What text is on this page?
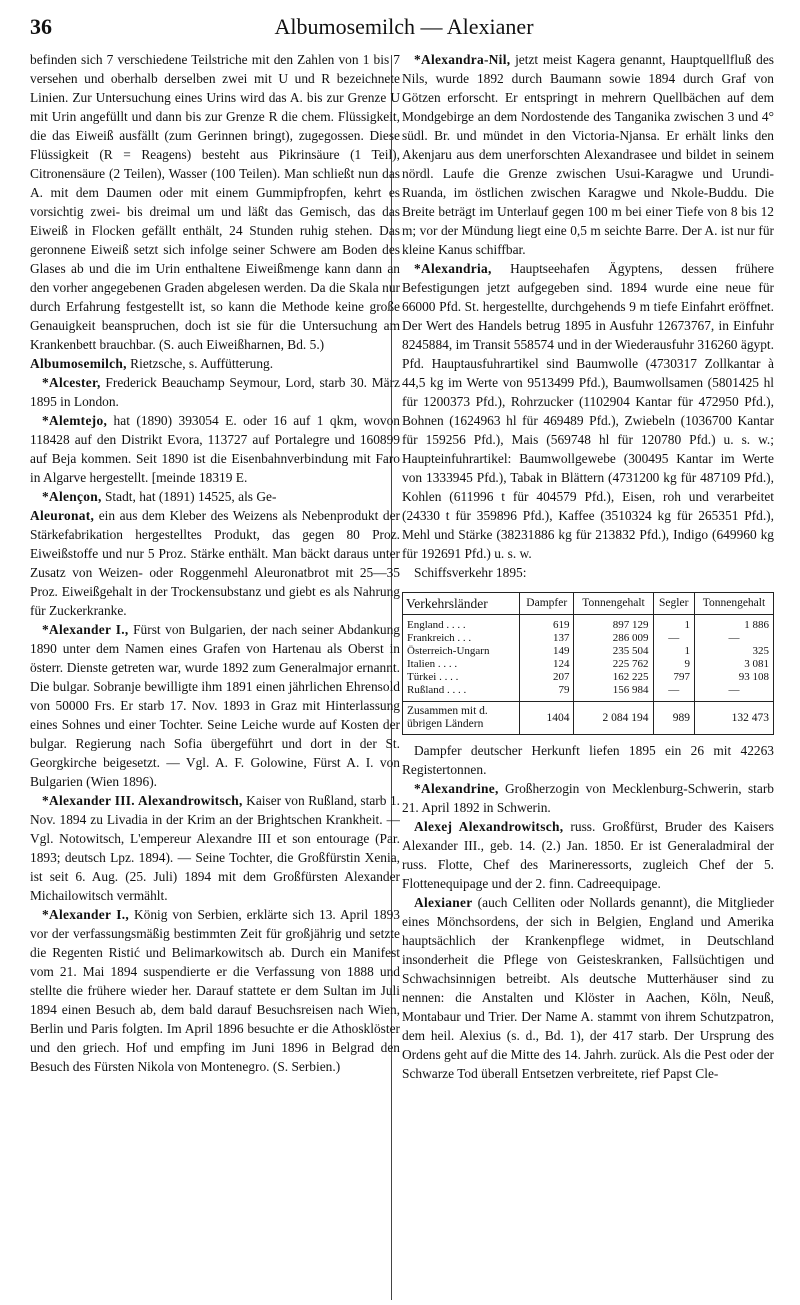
36	Albumosemilch — Alexianer

befinden sich 7 verschiedene Teilstriche mit den Zahlen von 1 bis 7 versehen und oberhalb derselben zwei mit U und R bezeichnete Linien. Zur Untersuchung eines Urins wird das A. bis zur Grenze U mit Urin angefüllt und dann bis zur Grenze R die chem. Flüssigkeit, die das Eiweiß ausfällt (zum Gerinnen bringt), zugegossen. Diese Flüssigkeit (R = Reagens) besteht aus Pikrinsäure (1 Teil), Citronensäure (2 Teilen), Wasser (100 Teilen). Man schließt nun das A. mit dem Daumen oder mit einem Gummipfropfen, kehrt es vorsichtig zwei- bis dreimal um und läßt das Gemisch, das das Eiweiß in Flocken gefällt enthält, 24 Stunden ruhig stehen. Das geronnene Eiweiß setzt sich infolge seiner Schwere am Boden des Glases ab und die im Urin enthaltene Eiweißmenge kann dann an den vorher angegebenen Graden abgelesen werden. Da die Skala nur durch Erfahrung festgestellt ist, so kann die Methode keine große Genauigkeit beanspruchen, doch ist sie für die Untersuchung am Krankenbett brauchbar. (S. auch Eiweißharnen, Bd. 5.)

Albumosemilch, Rietzsche, s. Auffütterung.

*Alcester, Frederick Beauchamp Seymour, Lord, starb 30. März 1895 in London.

*Alemtejo, hat (1890) 393054 E. oder 16 auf 1 qkm, wovon 118428 auf den Distrikt Evora, 113727 auf Portalegre und 160899 auf Beja kommen. Seit 1890 ist die Eisenbahnverbindung mit Faro in Algarve hergestellt. [meinde 18319 E.

*Alençon, Stadt, hat (1891) 14525, als Ge-

Aleuronat, ein aus dem Kleber des Weizens als Nebenprodukt der Stärkefabrikation hergestelltes Produkt, das gegen 80 Proz. Eiweißstoffe und nur 5 Proz. Stärke enthält. Man bäckt daraus unter Zusatz von Weizen- oder Roggenmehl Aleuronatbrot mit 25—35 Proz. Eiweißgehalt in der Trockensubstanz und giebt es als Nahrung für Zuckerkranke.

*Alexander I., Fürst von Bulgarien, der nach seiner Abdankung 1890 unter dem Namen eines Grafen von Hartenau als Oberst in österr. Dienste getreten war, wurde 1892 zum Generalmajor ernannt. Die bulgar. Sobranje bewilligte ihm 1891 einen jährlichen Ehrensold von 50000 Frs. Er starb 17. Nov. 1893 in Graz mit Hinterlassung eines Sohnes und einer Tochter. Seine Leiche wurde auf Kosten der bulgar. Regierung nach Sofia übergeführt und dort in der St. Georgkirche beigesetzt. — Vgl. A. F. Golowine, Fürst A. I. von Bulgarien (Wien 1896).

*Alexander III. Alexandrowitsch, Kaiser von Rußland, starb 1. Nov. 1894 zu Livadia in der Krim an der Brightschen Krankheit. — Vgl. Notowitsch, L'empereur Alexandre III et son entourage (Par. 1893; deutsch Lpz. 1894). — Seine Tochter, die Großfürstin Xenia, ist seit 6. Aug. (25. Juli) 1894 mit dem Großfürsten Alexander Michailowitsch vermählt.

*Alexander I., König von Serbien, erklärte sich 13. April 1893 vor der verfassungsmäßig bestimmten Zeit für großjährig und setzte die Regenten Ristić und Belimarkowitsch ab. Durch ein Manifest vom 21. Mai 1894 suspendierte er die Verfassung von 1888 und stellte die frühere wieder her. Darauf stattete er dem Sultan im Juli 1894 einen Besuch ab, dem bald darauf Besuchsreisen nach Wien, Berlin und Paris folgten. Im April 1896 besuchte er die Athosklöster und den griech. Hof und empfing im Juni 1896 in Belgrad den Besuch des Fürsten Nikola von Montenegro. (S. Serbien.)

*Alexandra-Nil, jetzt meist Kagera genannt, Hauptquellfluß des Nils, wurde 1892 durch Baumann sowie 1894 durch Graf von Götzen erforscht. Er entspringt in mehrern Quellbächen auf dem Mondgebirge an dem Nordostende des Tanganika zwischen 3 und 4° südl. Br. und mündet in den Victoria-Njansa. Er erhält links den Akenjaru aus dem unerforschten Alexandrasee und bildet in seinem nördl. Laufe die Grenze zwischen Usui-Karagwe und Urundi-Ruanda, im östlichen zwischen Karagwe und Nkole-Buddu. Die Breite beträgt im Unterlauf gegen 100 m bei einer Tiefe von 8 bis 12 m; vor der Mündung liegt eine 0,5 m seichte Barre. Der A. ist nur für kleine Kanus schiffbar.

*Alexandria, Hauptseehafen Ägyptens, dessen frühere Befestigungen jetzt aufgegeben sind. 1894 wurde eine neue für 66000 Pfd. St. hergestellte, durchgehends 9 m tiefe Einfahrt eröffnet. Der Wert des Handels betrug 1895 in Ausfuhr 12673767, in Einfuhr 8245884, im Transit 558574 und in der Wiederausfuhr 316260 ägypt. Pfd. Hauptausfuhrartikel sind Baumwolle (4730317 Zollkantar à 44,5 kg im Werte von 9513499 Pfd.), Baumwollsamen (5801425 hl für 1200373 Pfd.), Rohrzucker (1102904 Kantar für 472950 Pfd.), Bohnen (1624963 hl für 469489 Pfd.), Zwiebeln (1036700 Kantar für 159256 Pfd.), Mais (569748 hl für 120780 Pfd.) u. s. w.; Haupteinfuhrartikel: Baumwollgewebe (300495 Kantar im Werte von 1333945 Pfd.), Tabak in Blättern (4731200 kg für 487109 Pfd.), Kohlen (611996 t für 404579 Pfd.), Eisen, roh und verarbeitet (24330 t für 359896 Pfd.), Kaffee (3510324 kg für 265351 Pfd.), Mehl und Stärke (38231886 kg für 213832 Pfd.), Indigo (649960 kg für 192691 Pfd.) u. s. w.

Schiffsverkehr 1895:

Verkehrsländer	Dampfer	Tonnengehalt	Segler	Tonnengehalt
England . . . .	619	897 129	1	1 886
Frankreich . . .	137	286 009	—	—
Österreich-Ungarn	149	235 504	1	325
Italien . . . .	124	225 762	9	3 081
Türkei . . . .	207	162 225	797	93 108
Rußland . . . .	79	156 984	—	—
Zusammen mit d. übrigen Ländern	1404	2 084 194	989	132 473

Dampfer deutscher Herkunft liefen 1895 ein 26 mit 42263 Registertonnen.

*Alexandrine, Großherzogin von Mecklenburg-Schwerin, starb 21. April 1892 in Schwerin.

Alexej Alexandrowitsch, russ. Großfürst, Bruder des Kaisers Alexander III., geb. 14. (2.) Jan. 1850. Er ist Generaladmiral der russ. Flotte, Chef des Marineressorts, zugleich Chef der 5. Flottenequipage und der 2. finn. Cadreequipage.

Alexianer (auch Celliten oder Nollards genannt), die Mitglieder eines Mönchsordens, der sich in Belgien, England und Amerika hauptsächlich der Krankenpflege widmet, in Deutschland insonderheit die Pflege von Geisteskranken, Fallsüchtigen und Schwachsinnigen betreibt. Als deutsche Mutterhäuser sind zu nennen: die Anstalten und Klöster in Aachen, Köln, Neuß, Montabaur und Trier. Der Name A. stammt von ihrem Schutzpatron, dem heil. Alexius (s. d., Bd. 1), der 417 starb. Der Ursprung des Ordens geht auf die Mitte des 14. Jahrh. zurück. Als die Pest oder der Schwarze Tod überall Entsetzen verbreitete, rief Papst Cle-
